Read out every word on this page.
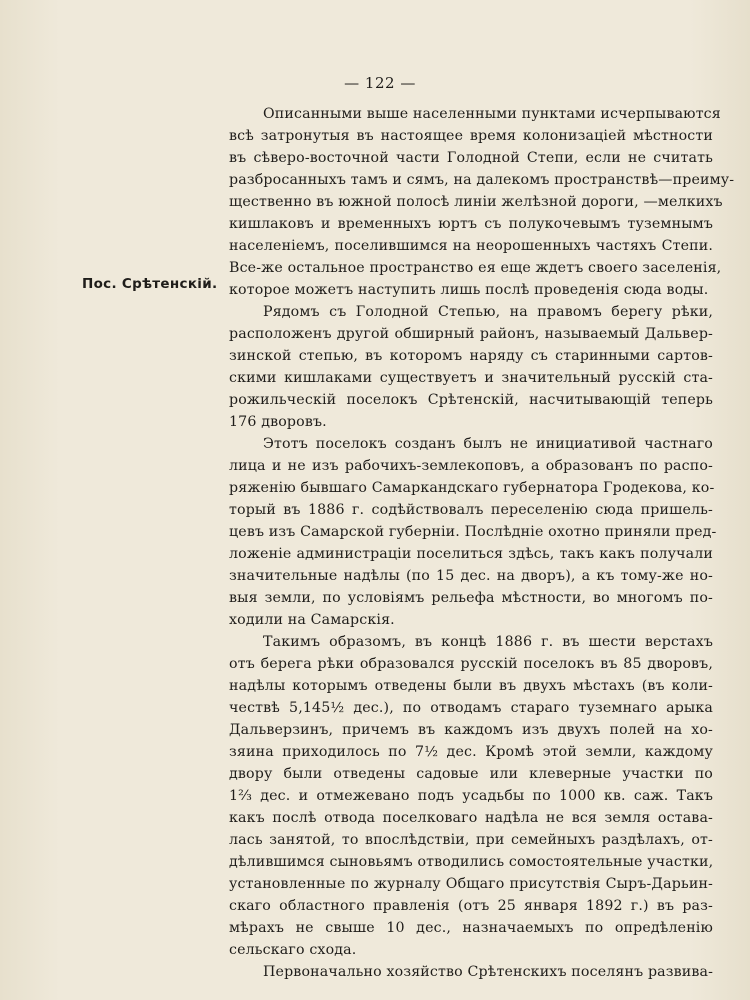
— 122 —
Пос. Срѣтенскій.
Описанными выше населенными пунктами исчерпываются
всѣ затронутыя въ настоящее время колонизацiей мѣстности
въ сѣверо-восточной части Голодной Степи, если не считать
разбросанныхъ тамъ и сямъ, на далекомъ пространствѣ—преиму-
щественно въ южной полосѣ линiи желѣзной дороги, —мелкихъ
кишлаковъ и временныхъ юртъ съ полукочевымъ туземнымъ
населенiемъ, поселившимся на неорошенныхъ частяхъ Степи.
Все-же остальное пространство ея еще ждетъ своего заселенiя,
которое можетъ наступить лишь послѣ проведенiя сюда воды.
Рядомъ съ Голодной Степью, на правомъ берегу рѣки,
расположенъ другой обширный районъ, называемый Дальвер-
зинской степью, въ которомъ наряду съ старинными сартов-
скими кишлаками существуетъ и значительный русскiй ста-
рожильческiй поселокъ Срѣтенскiй, насчитывающiй теперь
176 дворовъ.
Этотъ поселокъ созданъ былъ не инициативой частнаго
лица и не изъ рабочихъ-землекоповъ, а образованъ по распо-
ряженiю бывшаго Самаркандскаго губернатора Гродекова, ко-
торый въ 1886 г. содѣйствовалъ переселенiю сюда пришель-
цевъ изъ Самарской губернiи. Послѣднiе охотно приняли пред-
ложенiе администрацiи поселиться здѣсь, такъ какъ получали
значительные надѣлы (по 15 дес. на дворъ), а къ тому-же но-
выя земли, по условiямъ рельефа мѣстности, во многомъ по-
ходили на Самарскiя.
Такимъ образомъ, въ концѣ 1886 г. въ шести верстахъ
отъ берега рѣки образовался русскiй поселокъ въ 85 дворовъ,
надѣлы которымъ отведены были въ двухъ мѣстахъ (въ коли-
чествѣ 5,145½ дес.), по отводамъ стараго туземнаго арыка
Дальверзинъ, причемъ въ каждомъ изъ двухъ полей на хо-
зяина приходилось по 7½ дес. Кромѣ этой земли, каждому
двору были отведены садовые или клеверные участки по
1⅔ дес. и отмежевано подъ усадьбы по 1000 кв. саж. Такъ
какъ послѣ отвода поселковаго надѣла не вся земля остава-
лась занятой, то впослѣдствiи, при семейныхъ раздѣлахъ, от-
дѣлившимся сыновьямъ отводились сомостоятельные участки,
установленные по журналу Общаго присутствiя Сыръ-Дарьин-
скаго областного правленiя (отъ 25 января 1892 г.) въ раз-
мѣрахъ не свыше 10 дес., назначаемыхъ по опредѣленiю
сельскаго схода.
Первоначально хозяйство Срѣтенскихъ поселянъ развива-
